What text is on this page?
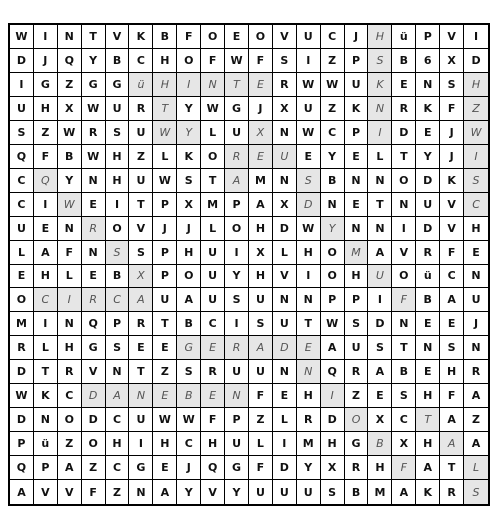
W	I	N	T	V	K	B	F	O	E	O	V	U	C	J	H	ü	P	V	I
D	J	Q	Y	B	C	H	O	F	W	F	S	I	Z	P	S	B	6	X	D
I	G	Z	G	G	ü	H	I	N	T	E	R	W	W	U	K	E	N	S	H
U	H	X	W	U	R	T	Y	W	G	J	X	U	Z	K	N	R	K	F	Z
S	Z	W	R	S	U	W	Y	L	U	X	N	W	C	P	I	D	E	J	W
Q	F	B	W	H	Z	L	K	O	R	E	U	E	Y	E	L	T	Y	J	I
C	Q	Y	N	H	U	W	S	T	A	M	N	S	B	N	N	O	D	K	S
C	I	W	E	I	T	P	X	M	P	A	X	D	N	E	T	N	U	V	C
U	E	N	R	O	V	J	J	L	O	H	D	W	Y	N	N	I	D	V	H
L	A	F	N	S	S	P	H	U	I	X	L	H	O	M	A	V	R	F	E
E	H	L	E	B	X	P	O	U	Y	H	V	I	O	H	U	O	ü	C	N
O	C	I	R	C	A	U	A	U	S	U	N	N	P	P	I	F	B	A	U
M	I	N	Q	P	R	T	B	C	I	S	U	T	W	S	D	N	E	E	J
R	L	H	G	S	E	E	G	E	R	A	D	E	A	U	S	T	N	S	N
D	T	R	V	N	T	Z	S	R	U	U	N	N	Q	R	A	B	E	H	R
W	K	C	D	A	N	E	B	E	N	F	E	H	I	Z	E	S	H	F	A
D	N	O	D	C	U	W	W	F	P	Z	L	R	D	O	X	C	T	A	Z
P	ü	Z	O	H	I	H	C	H	U	L	I	M	H	G	B	X	H	A	A
Q	P	A	Z	C	G	E	J	Q	G	F	D	Y	X	R	H	F	A	T	L
A	V	V	F	Z	N	A	Y	V	Y	U	U	U	S	B	M	A	K	R	S
